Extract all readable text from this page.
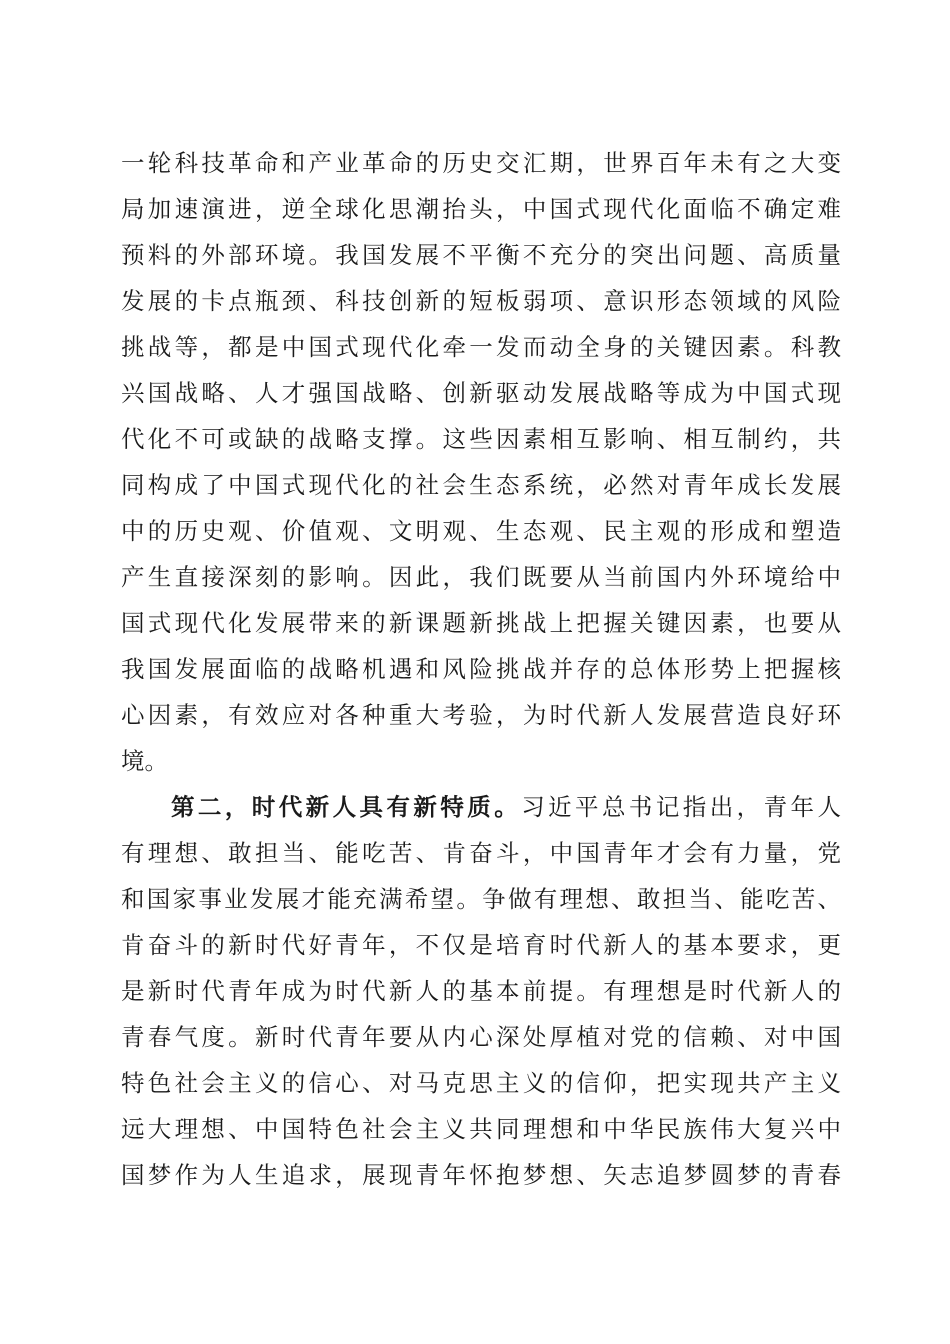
一轮科技革命和产业革命的历史交汇期，世界百年未有之大变
局加速演进，逆全球化思潮抬头，中国式现代化面临不确定难
预料的外部环境。我国发展不平衡不充分的突出问题、高质量
发展的卡点瓶颈、科技创新的短板弱项、意识形态领域的风险
挑战等，都是中国式现代化牵一发而动全身的关键因素。科教
兴国战略、人才强国战略、创新驱动发展战略等成为中国式现
代化不可或缺的战略支撑。这些因素相互影响、相互制约，共
同构成了中国式现代化的社会生态系统，必然对青年成长发展
中的历史观、价值观、文明观、生态观、民主观的形成和塑造
产生直接深刻的影响。因此，我们既要从当前国内外环境给中
国式现代化发展带来的新课题新挑战上把握关键因素，也要从
我国发展面临的战略机遇和风险挑战并存的总体形势上把握核
心因素，有效应对各种重大考验，为时代新人发展营造良好环
境。
第二，时代新人具有新特质。习近平总书记指出，青年人
有理想、敢担当、能吃苦、肯奋斗，中国青年才会有力量，党
和国家事业发展才能充满希望。争做有理想、敢担当、能吃苦、
肯奋斗的新时代好青年，不仅是培育时代新人的基本要求，更
是新时代青年成为时代新人的基本前提。有理想是时代新人的
青春气度。新时代青年要从内心深处厚植对党的信赖、对中国
特色社会主义的信心、对马克思主义的信仰，把实现共产主义
远大理想、中国特色社会主义共同理想和中华民族伟大复兴中
国梦作为人生追求，展现青年怀抱梦想、矢志追梦圆梦的青春
